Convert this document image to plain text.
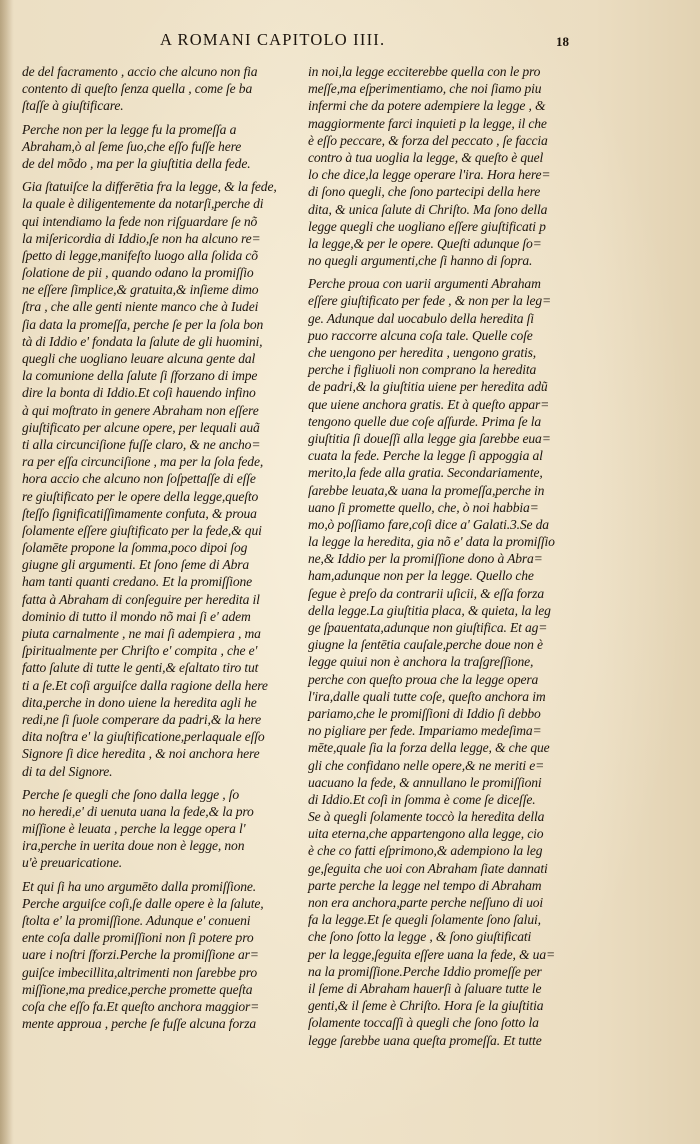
A ROMANI CAPITOLO IIII.	18
de del facramento , accio che alcuno non fia
contento di queſto ſenza quella , come ſe ba
ſtaſſe à giuſtificare.
Perche non per la legge fu la promeſſa a
Abraham,ò al ſeme ſuo,che eſſo fuſſe here
de del mõdo , ma per la giuſtitia della fede.
Gia ſtatuiſce la differētia fra la legge, & la fede,
la quale è diligentemente da notarſi,perche di
qui intendiamo la fede non riſguardare ſe nõ
la miſericordia di Iddio,ſe non ha alcuno re=
ſpetto di legge,manifeſto luogo alla ſolida cõ
ſolatione de pii , quando odano la promiſſio
ne eſſere ſimplice,& gratuita,& inſieme dimo
ſtra , che alle genti niente manco che à Iudei
ſia data la promeſſa, perche ſe per la ſola bon
tà di Iddio e' fondata la ſalute de gli huomini,
quegli che uogliano leuare alcuna gente dal
la comunione della ſalute ſi ſforzano di impe
dire la bonta di Iddio.Et coſi hauendo infino
à qui moſtrato in genere Abraham non eſſere
giuſtificato per alcune opere, per lequali auã
ti alla circunciſione fuſſe claro, & ne ancho=
ra per eſſa circunciſione , ma per la ſola fede,
hora accio che alcuno non ſoſpettaſſe di eſſe
re giuſtificato per le opere della legge,queſto
ſteſſo ſignificatiſſimamente confuta, & proua
ſolamente eſſere giuſtificato per la fede,& qui
ſolamēte propone la ſomma,poco dipoi ſog
giugne gli argumenti. Et ſono ſeme di Abra
ham tanti quanti credano. Et la promiſſione
fatta à Abraham di conſeguire per heredita il
dominio di tutto il mondo nõ mai ſi e' adem
piuta carnalmente , ne mai ſi adempiera , ma
ſpiritualmente per Chriſto e' compita , che e'
fatto ſalute di tutte le genti,& eſaltato tiro tut
ti a ſe.Et coſi arguiſce dalla ragione della here
dita,perche in dono uiene la heredita agli he
redi,ne ſi ſuole comperare da padri,& la here
dita noſtra e' la giuſtificatione,perlaquale eſſo
Signore ſi dice heredita , & noi anchora here
di ta del Signore.
Perche ſe quegli che ſono dalla legge , ſo
no heredi,e' di uenuta uana la fede,& la pro
miſſione è leuata , perche la legge opera l'
ira,perche in uerita doue non è legge, non
u'è preuaricatione.
Et qui ſi ha uno argumēto dalla promiſſione.
Perche arguiſce coſi,ſe dalle opere è la ſalute,
ſtolta e' la promiſſione. Adunque e' conueni
ente coſa dalle promiſſioni non ſi potere pro
uare i noſtri ſforzi.Perche la promiſſione ar=
guiſce imbecillita,altrimenti non ſarebbe pro
miſſione,ma predice,perche promette queſta
coſa che eſſo fa.Et queſto anchora maggior=
mente approua , perche ſe fuſſe alcuna forza
in noi,la legge ecciterebbe quella con le pro
meſſe,ma eſperimentiamo, che noi ſiamo piu
infermi che da potere adempiere la legge , &
maggiormente farci inquieti p la legge, il che
è eſſo peccare, & forza del peccato , ſe faccia
contro à tua uoglia la legge, & queſto è quel
lo che dice,la legge operare l'ira. Hora here=
di ſono quegli, che ſono partecipi della here
dita, & unica ſalute di Chriſto. Ma ſono della
legge quegli che uogliano eſſere giuſtificati p
la legge,& per le opere. Queſti adunque ſo=
no quegli argumenti,che ſi hanno di ſopra.
Perche proua con uarii argumenti Abraham
eſſere giuſtificato per fede , & non per la leg=
ge. Adunque dal uocabulo della heredita ſi
puo raccorre alcuna coſa tale. Quelle coſe
che uengono per heredita , uengono gratis,
perche i figliuoli non comprano la heredita
de padri,& la giuſtitia uiene per heredita adũ
que uiene anchora gratis. Et à queſto appar=
tengono quelle due coſe aſſurde. Prima ſe la
giuſtitia ſi doueſſi alla legge gia ſarebbe eua=
cuata la fede. Perche la legge ſi appoggia al
merito,la fede alla gratia. Secondariamente,
ſarebbe leuata,& uana la promeſſa,perche in
uano ſi promette quello, che, ò noi habbia=
mo,ò poſſiamo fare,coſi dice a' Galati.3.Se da
la legge la heredita, gia nõ e' data la promiſſio
ne,& Iddio per la promiſſione dono à Abra=
ham,adunque non per la legge. Quello che
ſegue è preſo da contrarii uſicii, & eſſa forza
della legge.La giuſtitia placa, & quieta, la leg
ge ſpauentata,adunque non giuſtifica. Et ag=
giugne la ſentētia cauſale,perche doue non è
legge quiui non è anchora la traſgreſſione,
perche con queſto proua che la legge opera
l'ira,dalle quali tutte coſe, queſto anchora im
pariamo,che le promiſſioni di Iddio ſi debbo
no pigliare per fede. Impariamo medeſima=
mēte,quale ſia la forza della legge, & che que
gli che confidano nelle opere,& ne meriti e=
uacuano la fede, & annullano le promiſſioni
di Iddio.Et coſi in ſomma è come ſe diceſſe.
Se à quegli ſolamente toccò la heredita della
uita eterna,che appartengono alla legge, cio
è che co fatti eſprimono,& adempiono la leg
ge,ſeguita che uoi con Abraham ſiate dannati
parte perche la legge nel tempo di Abraham
non era anchora,parte perche neſſuno di uoi
fa la legge.Et ſe quegli ſolamente ſono ſalui,
che ſono ſotto la legge , & ſono giuſtificati
per la legge,ſeguita eſſere uana la fede, & ua=
na la promiſſione.Perche Iddio promeſſe per
il ſeme di Abraham hauerſi à ſaluare tutte le
genti,& il ſeme è Chriſto. Hora ſe la giuſtitia
ſolamente toccaſſi à quegli che ſono ſotto la
legge ſarebbe uana queſta promeſſa. Et tutte
